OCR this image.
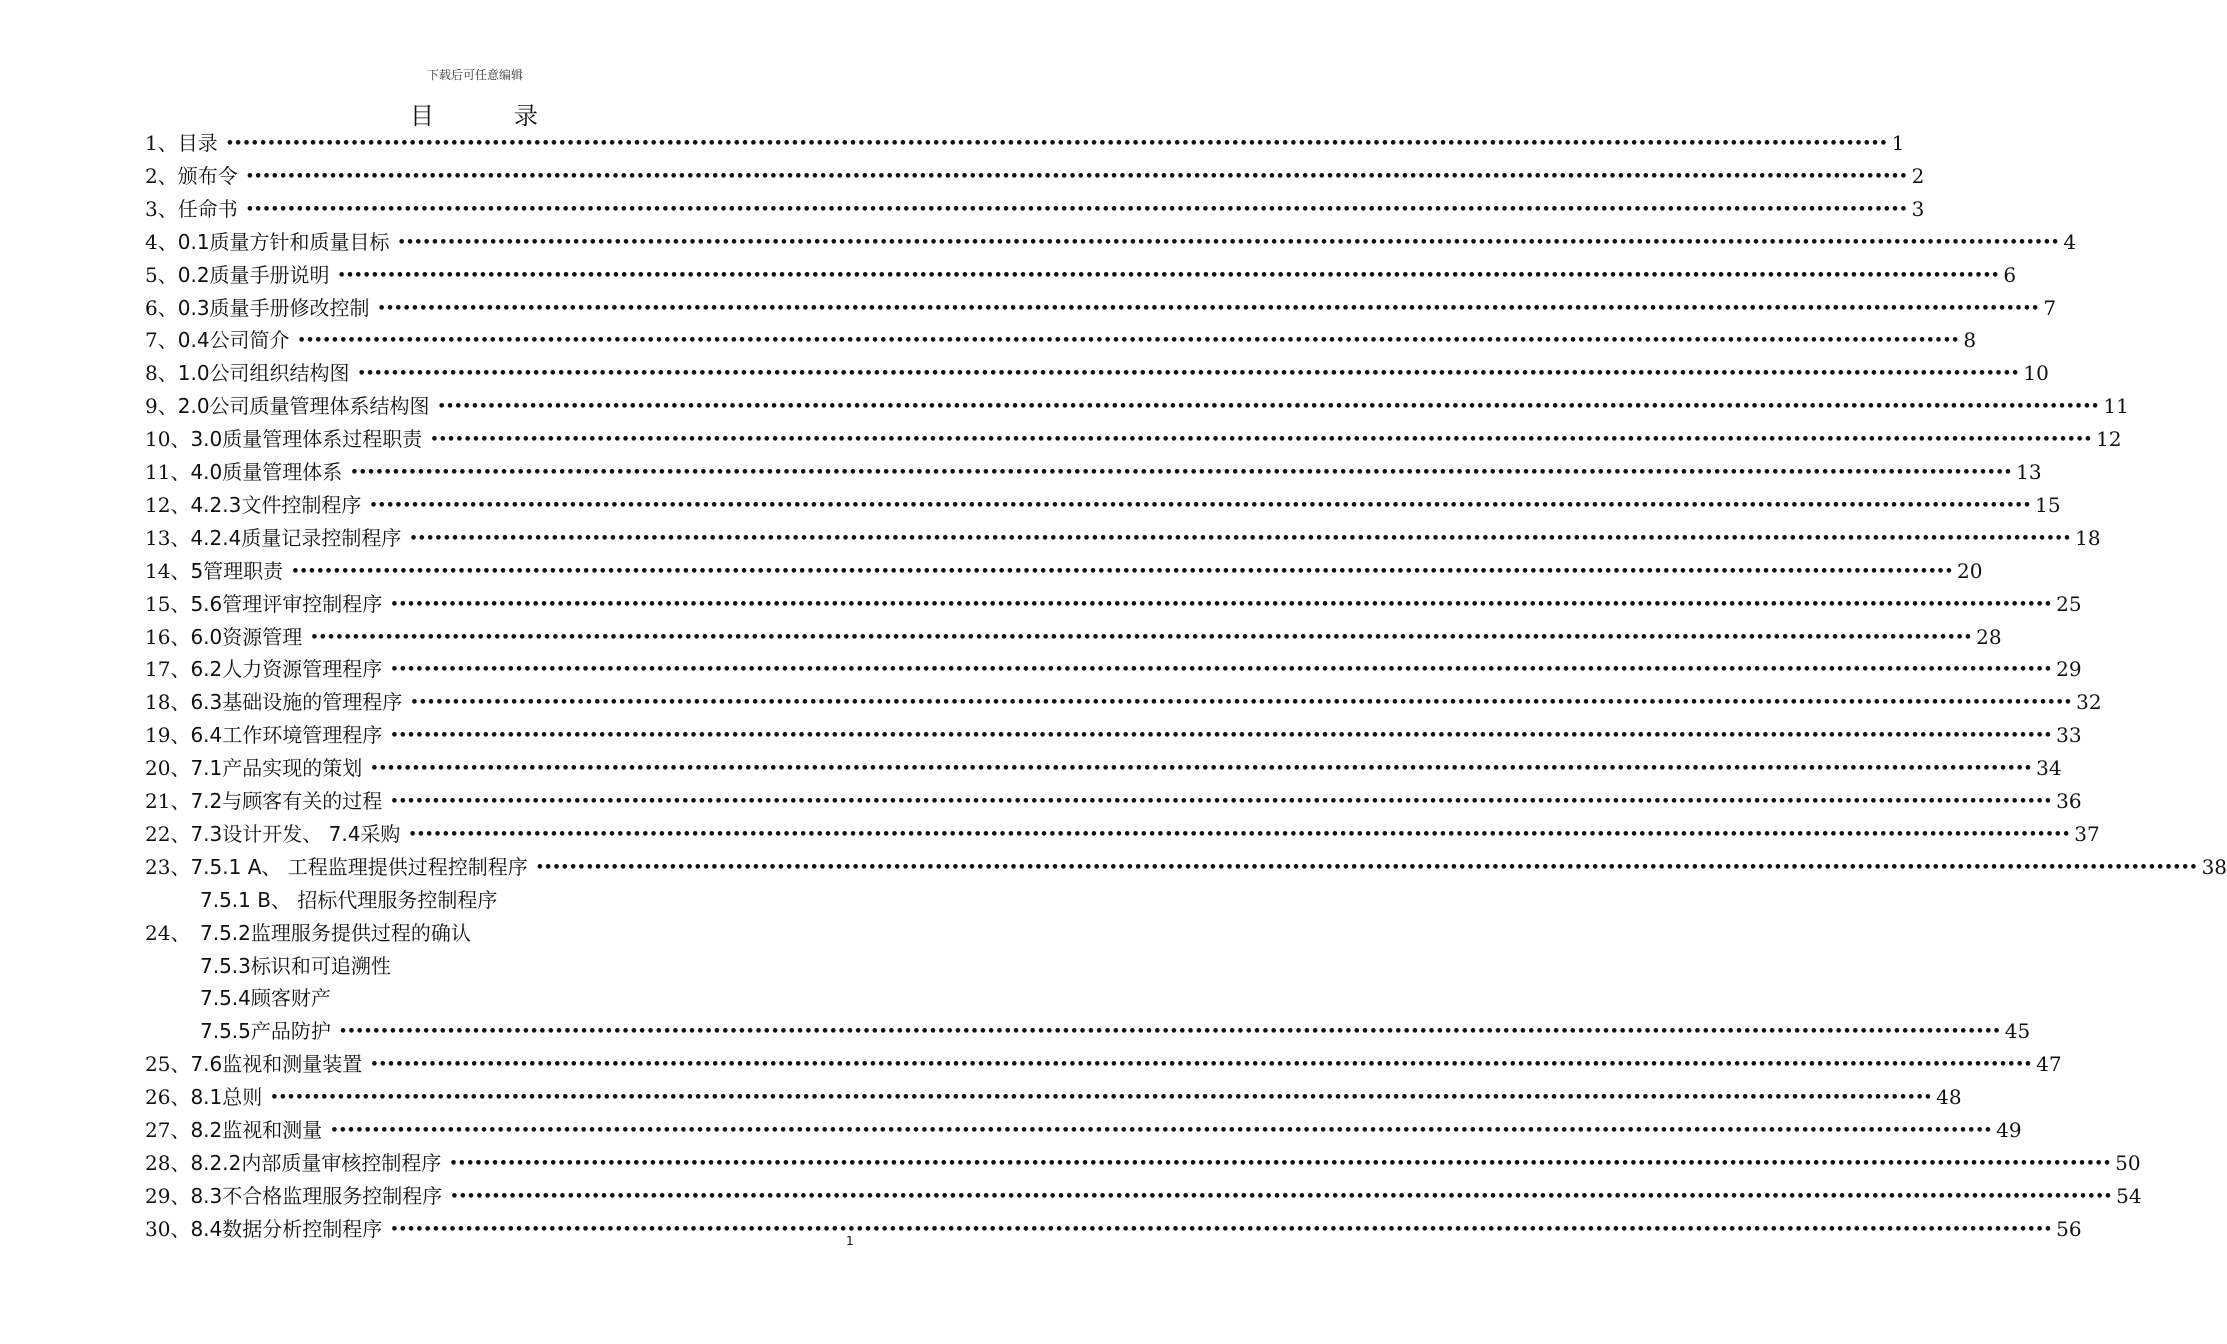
下载后可任意编辑
目	录
1、 目录 •••••••••••••••••••••••••••••••••••••••••••••••••••••••••••••••••••••••••••••••••••••••••••••••••••••••••••••••••••••••••••••••••••••••••••••••••••••••••••••••••••••••••••••••••••••••••••••••••••••••• 1
2、 颁布令 •••••••••••••••••••••••••••••••••••••••••••••••••••••••••••••••••••••••••••••••••••••••••••••••••••••••••••••••••••••••••••••••••••••••••••••••••••••••••••••••••••••••••••••••••••••••••••••••••••••••• 2
3、 任命书 •••••••••••••••••••••••••••••••••••••••••••••••••••••••••••••••••••••••••••••••••••••••••••••••••••••••••••••••••••••••••••••••••••••••••••••••••••••••••••••••••••••••••••••••••••••••••••••••••••••••• 3
4、 0.1质量方针和质量目标 •••••••••••••••••••••••••••••••••••••••••••••••••••••••••••••••••••••••••••••••••••••••••••••••••••••••••••••••••••••••••••••••••••••••••••••••••••••••••••••••••••••••••••••••••••••••••••••••••••••••• 4
5、 0.2质量手册说明 •••••••••••••••••••••••••••••••••••••••••••••••••••••••••••••••••••••••••••••••••••••••••••••••••••••••••••••••••••••••••••••••••••••••••••••••••••••••••••••••••••••••••••••••••••••••••••••••••••••••• 6
6、 0.3质量手册修改控制 •••••••••••••••••••••••••••••••••••••••••••••••••••••••••••••••••••••••••••••••••••••••••••••••••••••••••••••••••••••••••••••••••••••••••••••••••••••••••••••••••••••••••••••••••••••••••••••••••••••••• 7
7、 0.4公司简介 •••••••••••••••••••••••••••••••••••••••••••••••••••••••••••••••••••••••••••••••••••••••••••••••••••••••••••••••••••••••••••••••••••••••••••••••••••••••••••••••••••••••••••••••••••••••••••••••••••••••• 8
8、 1.0公司组织结构图 •••••••••••••••••••••••••••••••••••••••••••••••••••••••••••••••••••••••••••••••••••••••••••••••••••••••••••••••••••••••••••••••••••••••••••••••••••••••••••••••••••••••••••••••••••••••••••••••••••••••• 10
9、 2.0公司质量管理体系结构图 •••••••••••••••••••••••••••••••••••••••••••••••••••••••••••••••••••••••••••••••••••••••••••••••••••••••••••••••••••••••••••••••••••••••••••••••••••••••••••••••••••••••••••••••••••••••••••••••••••••••• 11
10、 3.0质量管理体系过程职责 •••••••••••••••••••••••••••••••••••••••••••••••••••••••••••••••••••••••••••••••••••••••••••••••••••••••••••••••••••••••••••••••••••••••••••••••••••••••••••••••••••••••••••••••••••••••••••••••••••••••• 12
11、 4.0质量管理体系 •••••••••••••••••••••••••••••••••••••••••••••••••••••••••••••••••••••••••••••••••••••••••••••••••••••••••••••••••••••••••••••••••••••••••••••••••••••••••••••••••••••••••••••••••••••••••••••••••••••••• 13
12、 4.2.3文件控制程序 •••••••••••••••••••••••••••••••••••••••••••••••••••••••••••••••••••••••••••••••••••••••••••••••••••••••••••••••••••••••••••••••••••••••••••••••••••••••••••••••••••••••••••••••••••••••••••••••••••••••• 15
13、 4.2.4质量记录控制程序 •••••••••••••••••••••••••••••••••••••••••••••••••••••••••••••••••••••••••••••••••••••••••••••••••••••••••••••••••••••••••••••••••••••••••••••••••••••••••••••••••••••••••••••••••••••••••••••••••••••••• 18
14、 5管理职责 •••••••••••••••••••••••••••••••••••••••••••••••••••••••••••••••••••••••••••••••••••••••••••••••••••••••••••••••••••••••••••••••••••••••••••••••••••••••••••••••••••••••••••••••••••••••••••••••••••••••• 20
15、 5.6管理评审控制程序 •••••••••••••••••••••••••••••••••••••••••••••••••••••••••••••••••••••••••••••••••••••••••••••••••••••••••••••••••••••••••••••••••••••••••••••••••••••••••••••••••••••••••••••••••••••••••••••••••••••••• 25
16、 6.0资源管理 •••••••••••••••••••••••••••••••••••••••••••••••••••••••••••••••••••••••••••••••••••••••••••••••••••••••••••••••••••••••••••••••••••••••••••••••••••••••••••••••••••••••••••••••••••••••••••••••••••••••• 28
17、 6.2人力资源管理程序 •••••••••••••••••••••••••••••••••••••••••••••••••••••••••••••••••••••••••••••••••••••••••••••••••••••••••••••••••••••••••••••••••••••••••••••••••••••••••••••••••••••••••••••••••••••••••••••••••••••••• 29
18、 6.3基础设施的管理程序 •••••••••••••••••••••••••••••••••••••••••••••••••••••••••••••••••••••••••••••••••••••••••••••••••••••••••••••••••••••••••••••••••••••••••••••••••••••••••••••••••••••••••••••••••••••••••••••••••••••••• 32
19、 6.4工作环境管理程序 •••••••••••••••••••••••••••••••••••••••••••••••••••••••••••••••••••••••••••••••••••••••••••••••••••••••••••••••••••••••••••••••••••••••••••••••••••••••••••••••••••••••••••••••••••••••••••••••••••••••• 33
20、 7.1产品实现的策划 •••••••••••••••••••••••••••••••••••••••••••••••••••••••••••••••••••••••••••••••••••••••••••••••••••••••••••••••••••••••••••••••••••••••••••••••••••••••••••••••••••••••••••••••••••••••••••••••••••••••• 34
21、 7.2与顾客有关的过程 •••••••••••••••••••••••••••••••••••••••••••••••••••••••••••••••••••••••••••••••••••••••••••••••••••••••••••••••••••••••••••••••••••••••••••••••••••••••••••••••••••••••••••••••••••••••••••••••••••••••• 36
22、 7.3设计开发、 7.4采购 •••••••••••••••••••••••••••••••••••••••••••••••••••••••••••••••••••••••••••••••••••••••••••••••••••••••••••••••••••••••••••••••••••••••••••••••••••••••••••••••••••••••••••••••••••••••••••••••••••••••• 37
23、 7.5.1 A、 工程监理提供过程控制程序 •••••••••••••••••••••••••••••••••••••••••••••••••••••••••••••••••••••••••••••••••••••••••••••••••••••••••••••••••••••••••••••••••••••••••••••••••••••••••••••••••••••••••••••••••••••••••••••••••••••••• 38
7.5.1 B、 招标代理服务控制程序
24、 7.5.2监理服务提供过程的确认
7.5.3标识和可追溯性
7.5.4顾客财产
7.5.5产品防护 •••••••••••••••••••••••••••••••••••••••••••••••••••••••••••••••••••••••••••••••••••••••••••••••••••••••••••••••••••••••••••••••••••••••••••••••••••••••••••••••••••••••••••••••••••••••••••••••••••••••• 45
25、 7.6监视和测量装置 •••••••••••••••••••••••••••••••••••••••••••••••••••••••••••••••••••••••••••••••••••••••••••••••••••••••••••••••••••••••••••••••••••••••••••••••••••••••••••••••••••••••••••••••••••••••••••••••••••••••• 47
26、 8.1总则 •••••••••••••••••••••••••••••••••••••••••••••••••••••••••••••••••••••••••••••••••••••••••••••••••••••••••••••••••••••••••••••••••••••••••••••••••••••••••••••••••••••••••••••••••••••••••••••••••••••••• 48
27、 8.2监视和测量 •••••••••••••••••••••••••••••••••••••••••••••••••••••••••••••••••••••••••••••••••••••••••••••••••••••••••••••••••••••••••••••••••••••••••••••••••••••••••••••••••••••••••••••••••••••••••••••••••••••••• 49
28、 8.2.2内部质量审核控制程序 •••••••••••••••••••••••••••••••••••••••••••••••••••••••••••••••••••••••••••••••••••••••••••••••••••••••••••••••••••••••••••••••••••••••••••••••••••••••••••••••••••••••••••••••••••••••••••••••••••••••• 50
29、 8.3不合格监理服务控制程序 •••••••••••••••••••••••••••••••••••••••••••••••••••••••••••••••••••••••••••••••••••••••••••••••••••••••••••••••••••••••••••••••••••••••••••••••••••••••••••••••••••••••••••••••••••••••••••••••••••••••• 54
30、 8.4数据分析控制程序 •••••••••••••••••••••••••••••••••••••••••••••••••••••••••••••••••••••••••••••••••••••••••••••••••••••••••••••••••••••••••••••••••••••••••••••••••••••••••••••••••••••••••••••••••••••••••••••••••••••••• 56
1
